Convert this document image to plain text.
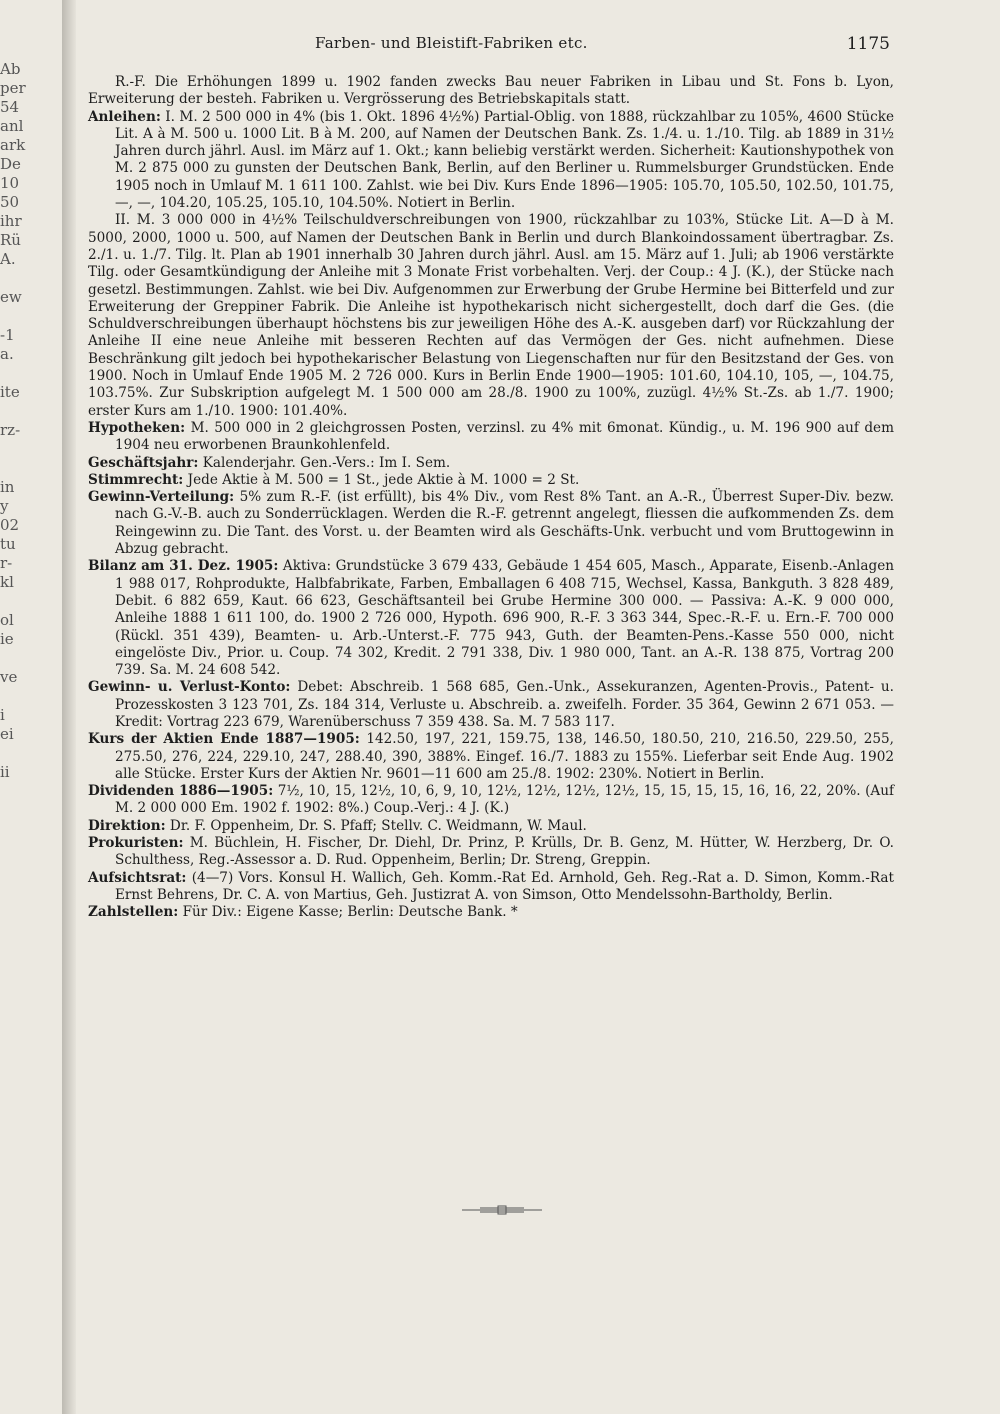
Ab
per
54
anl
ark
De
10
50
ihr
Rü
A.

ew

-1
a.

ite

rz-

in
y
02
tu
r-
kl

ol
ie

ve

i
ei

ii

Farben- und Bleistift-Fabriken etc.	1175

R.-F. Die Erhöhungen 1899 u. 1902 fanden zwecks Bau neuer Fabriken in Libau und St. Fons b. Lyon, Erweiterung der besteh. Fabriken u. Vergrösserung des Betriebskapitals statt.

Anleihen: I. M. 2 500 000 in 4% (bis 1. Okt. 1896 4½%) Partial-Oblig. von 1888, rückzahlbar zu 105%, 4600 Stücke Lit. A à M. 500 u. 1000 Lit. B à M. 200, auf Namen der Deutschen Bank. Zs. 1./4. u. 1./10. Tilg. ab 1889 in 31½ Jahren durch jährl. Ausl. im März auf 1. Okt.; kann beliebig verstärkt werden. Sicherheit: Kautionshypothek von M. 2 875 000 zu gunsten der Deutschen Bank, Berlin, auf den Berliner u. Rummelsburger Grundstücken. Ende 1905 noch in Umlauf M. 1 611 100. Zahlst. wie bei Div. Kurs Ende 1896—1905: 105.70, 105.50, 102.50, 101.75, —, —, 104.20, 105.25, 105.10, 104.50%. Notiert in Berlin.

II. M. 3 000 000 in 4½% Teilschuldverschreibungen von 1900, rückzahlbar zu 103%, Stücke Lit. A—D à M. 5000, 2000, 1000 u. 500, auf Namen der Deutschen Bank in Berlin und durch Blankoindossament übertragbar. Zs. 2./1. u. 1./7. Tilg. lt. Plan ab 1901 innerhalb 30 Jahren durch jährl. Ausl. am 15. März auf 1. Juli; ab 1906 verstärkte Tilg. oder Gesamtkündigung der Anleihe mit 3 Monate Frist vorbehalten. Verj. der Coup.: 4 J. (K.), der Stücke nach gesetzl. Bestimmungen. Zahlst. wie bei Div. Aufgenommen zur Erwerbung der Grube Hermine bei Bitterfeld und zur Erweiterung der Greppiner Fabrik. Die Anleihe ist hypothekarisch nicht sichergestellt, doch darf die Ges. (die Schuldverschreibungen überhaupt höchstens bis zur jeweiligen Höhe des A.-K. ausgeben darf) vor Rückzahlung der Anleihe II eine neue Anleihe mit besseren Rechten auf das Vermögen der Ges. nicht aufnehmen. Diese Beschränkung gilt jedoch bei hypothekarischer Belastung von Liegenschaften nur für den Besitzstand der Ges. von 1900. Noch in Umlauf Ende 1905 M. 2 726 000. Kurs in Berlin Ende 1900—1905: 101.60, 104.10, 105, —, 104.75, 103.75%. Zur Subskription aufgelegt M. 1 500 000 am 28./8. 1900 zu 100%, zuzügl. 4½% St.-Zs. ab 1./7. 1900; erster Kurs am 1./10. 1900: 101.40%.

Hypotheken: M. 500 000 in 2 gleichgrossen Posten, verzinsl. zu 4% mit 6monat. Kündig., u. M. 196 900 auf dem 1904 neu erworbenen Braunkohlenfeld.

Geschäftsjahr: Kalenderjahr. Gen.-Vers.: Im I. Sem.

Stimmrecht: Jede Aktie à M. 500 = 1 St., jede Aktie à M. 1000 = 2 St.

Gewinn-Verteilung: 5% zum R.-F. (ist erfüllt), bis 4% Div., vom Rest 8% Tant. an A.-R., Überrest Super-Div. bezw. nach G.-V.-B. auch zu Sonderrücklagen. Werden die R.-F. getrennt angelegt, fliessen die aufkommenden Zs. dem Reingewinn zu. Die Tant. des Vorst. u. der Beamten wird als Geschäfts-Unk. verbucht und vom Bruttogewinn in Abzug gebracht.

Bilanz am 31. Dez. 1905: Aktiva: Grundstücke 3 679 433, Gebäude 1 454 605, Masch., Apparate, Eisenb.-Anlagen 1 988 017, Rohprodukte, Halbfabrikate, Farben, Emballagen 6 408 715, Wechsel, Kassa, Bankguth. 3 828 489, Debit. 6 882 659, Kaut. 66 623, Geschäftsanteil bei Grube Hermine 300 000. — Passiva: A.-K. 9 000 000, Anleihe 1888 1 611 100, do. 1900 2 726 000, Hypoth. 696 900, R.-F. 3 363 344, Spec.-R.-F. u. Ern.-F. 700 000 (Rückl. 351 439), Beamten- u. Arb.-Unterst.-F. 775 943, Guth. der Beamten-Pens.-Kasse 550 000, nicht eingelöste Div., Prior. u. Coup. 74 302, Kredit. 2 791 338, Div. 1 980 000, Tant. an A.-R. 138 875, Vortrag 200 739. Sa. M. 24 608 542.

Gewinn- u. Verlust-Konto: Debet: Abschreib. 1 568 685, Gen.-Unk., Assekuranzen, Agenten-Provis., Patent- u. Prozesskosten 3 123 701, Zs. 184 314, Verluste u. Abschreib. a. zweifelh. Forder. 35 364, Gewinn 2 671 053. — Kredit: Vortrag 223 679, Warenüberschuss 7 359 438. Sa. M. 7 583 117.

Kurs der Aktien Ende 1887—1905: 142.50, 197, 221, 159.75, 138, 146.50, 180.50, 210, 216.50, 229.50, 255, 275.50, 276, 224, 229.10, 247, 288.40, 390, 388%. Eingef. 16./7. 1883 zu 155%. Lieferbar seit Ende Aug. 1902 alle Stücke. Erster Kurs der Aktien Nr. 9601—11 600 am 25./8. 1902: 230%. Notiert in Berlin.

Dividenden 1886—1905: 7½, 10, 15, 12½, 10, 6, 9, 10, 12½, 12½, 12½, 12½, 15, 15, 15, 15, 16, 16, 22, 20%. (Auf M. 2 000 000 Em. 1902 f. 1902: 8%.) Coup.-Verj.: 4 J. (K.)

Direktion: Dr. F. Oppenheim, Dr. S. Pfaff; Stellv. C. Weidmann, W. Maul.

Prokuristen: M. Büchlein, H. Fischer, Dr. Diehl, Dr. Prinz, P. Krülls, Dr. B. Genz, M. Hütter, W. Herzberg, Dr. O. Schulthess, Reg.-Assessor a. D. Rud. Oppenheim, Berlin; Dr. Streng, Greppin.

Aufsichtsrat: (4—7) Vors. Konsul H. Wallich, Geh. Komm.-Rat Ed. Arnhold, Geh. Reg.-Rat a. D. Simon, Komm.-Rat Ernst Behrens, Dr. C. A. von Martius, Geh. Justizrat A. von Simson, Otto Mendelssohn-Bartholdy, Berlin.

Zahlstellen: Für Div.: Eigene Kasse; Berlin: Deutsche Bank. *
